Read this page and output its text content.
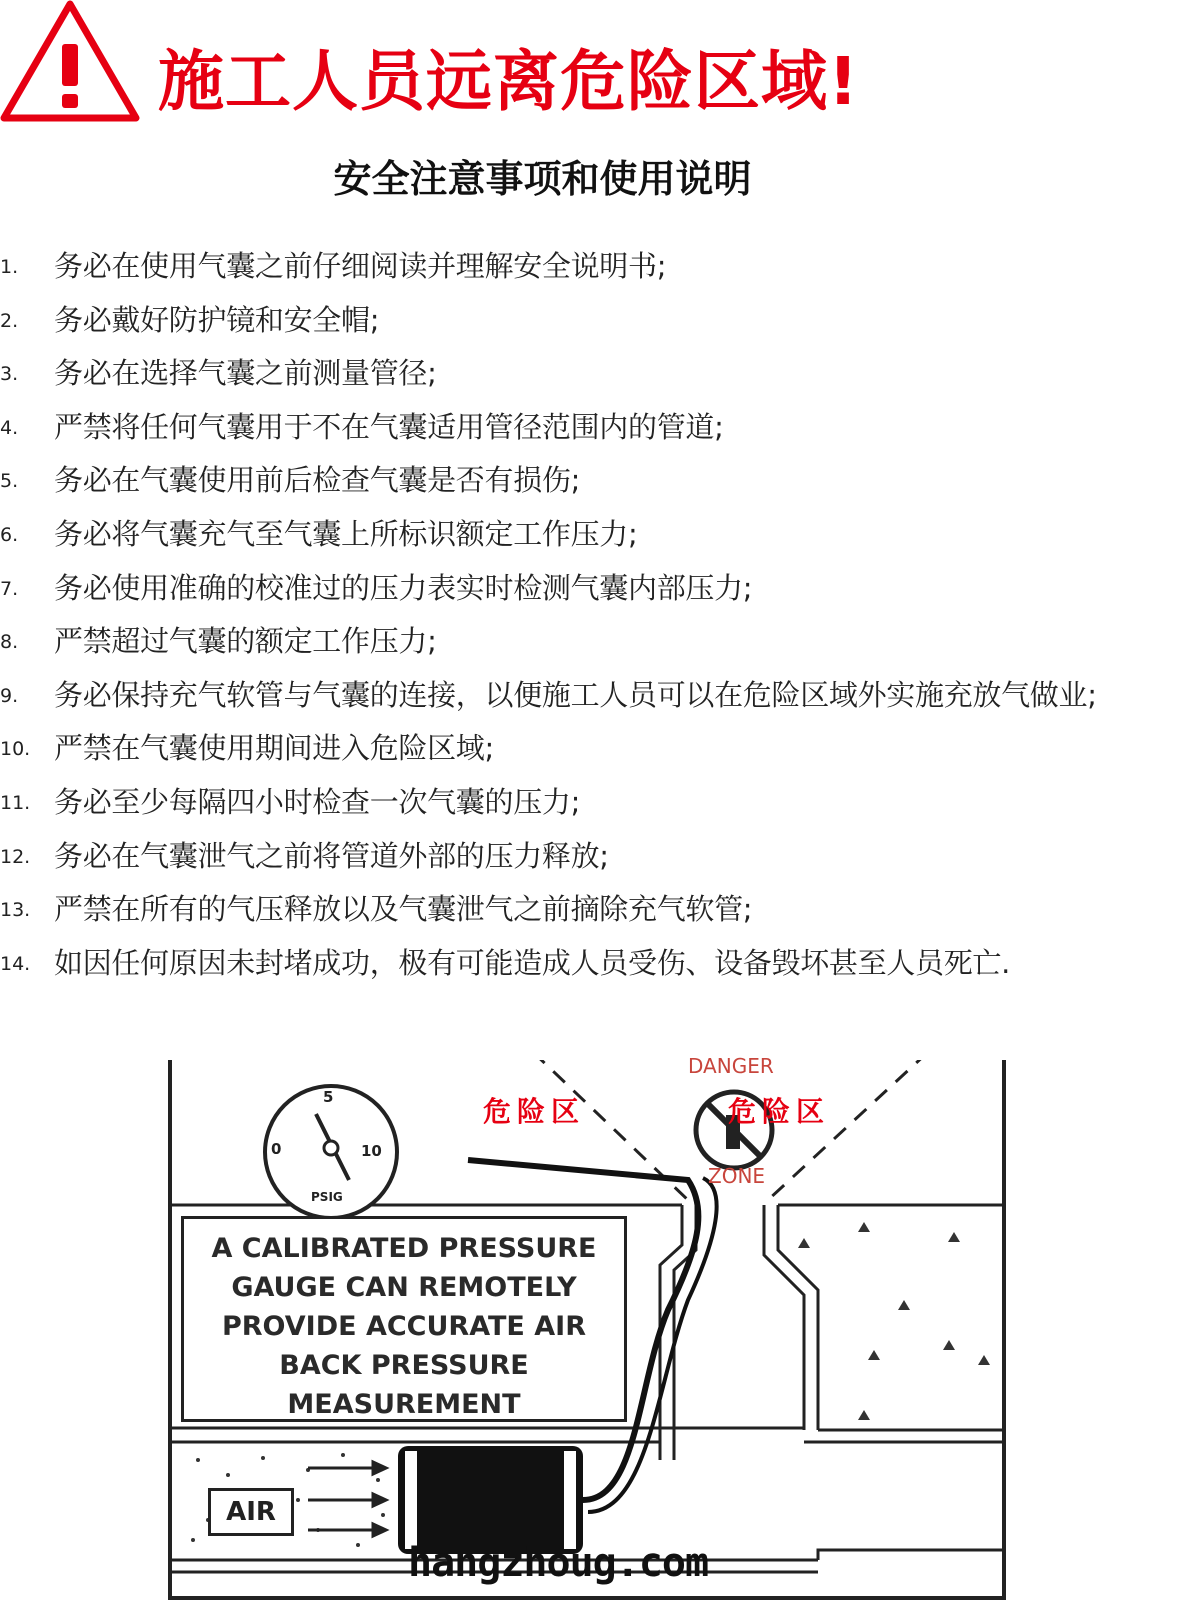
施工人员远离危险区域!
安全注意事项和使用说明
1. 务必在使用气囊之前仔细阅读并理解安全说明书;
2. 务必戴好防护镜和安全帽;
3. 务必在选择气囊之前测量管径;
4. 严禁将任何气囊用于不在气囊适用管径范围内的管道;
5. 务必在气囊使用前后检查气囊是否有损伤;
6. 务必将气囊充气至气囊上所标识额定工作压力;
7. 务必使用准确的校准过的压力表实时检测气囊内部压力;
8. 严禁超过气囊的额定工作压力;
9. 务必保持充气软管与气囊的连接，以便施工人员可以在危险区域外实施充放气做业;
10. 严禁在气囊使用期间进入危险区域;
11. 务必至少每隔四小时检查一次气囊的压力;
12. 务必在气囊泄气之前将管道外部的压力释放;
13. 严禁在所有的气压释放以及气囊泄气之前摘除充气软管;
14. 如因任何原因未封堵成功，极有可能造成人员受伤、设备毁坏甚至人员死亡.
5
0	10
PSIG
危险区	危险区
DANGER
ZONE
A CALIBRATED PRESSURE
GAUGE CAN REMOTELY
PROVIDE ACCURATE AIR
BACK PRESSURE
MEASUREMENT
AIR
hangzhoug.com
